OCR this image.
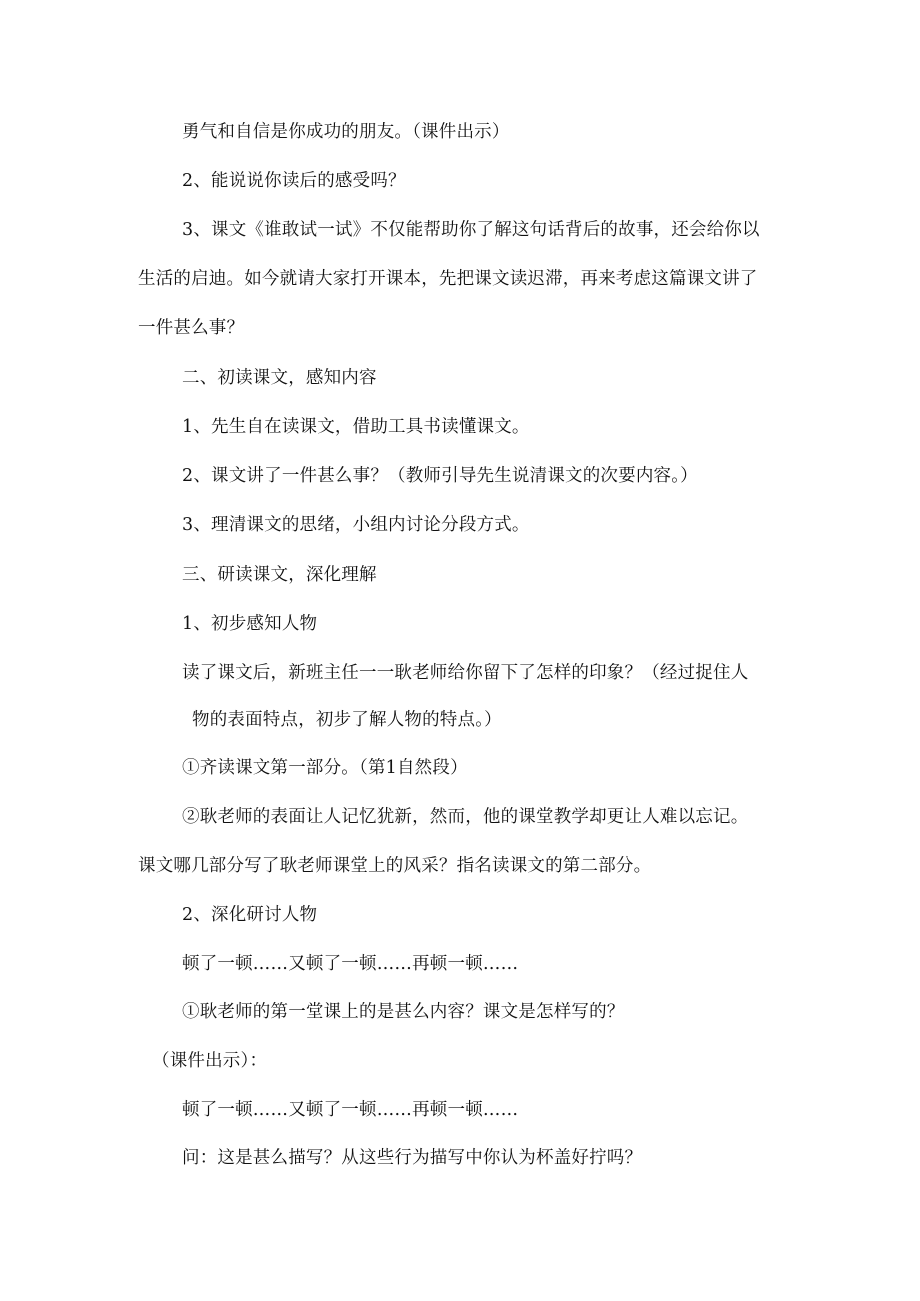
勇气和自信是你成功的朋友。（课件出示）
2、能说说你读后的感受吗？
3、课文《谁敢试一试》不仅能帮助你了解这句话背后的故事，还会给你以
生活的启迪。如今就请大家打开课本，先把课文读迟滞，再来考虑这篇课文讲了
一件甚么事？
二、初读课文，感知内容
1、先生自在读课文，借助工具书读懂课文。
2、课文讲了一件甚么事？（教师引导先生说清课文的次要内容。）
3、理清课文的思绪，小组内讨论分段方式。
三、研读课文，深化理解
1、初步感知人物
读了课文后，新班主任一一耿老师给你留下了怎样的印象？（经过捉住人
物的表面特点，初步了解人物的特点。）
①齐读课文第一部分。（第1自然段）
②耿老师的表面让人记忆犹新，然而，他的课堂教学却更让人难以忘记。
课文哪几部分写了耿老师课堂上的风采？指名读课文的第二部分。
2、深化研讨人物
顿了一顿……又顿了一顿……再顿一顿……
①耿老师的第一堂课上的是甚么内容？课文是怎样写的？
（课件出示）：
顿了一顿……又顿了一顿……再顿一顿……
问：这是甚么描写？从这些行为描写中你认为杯盖好拧吗？
